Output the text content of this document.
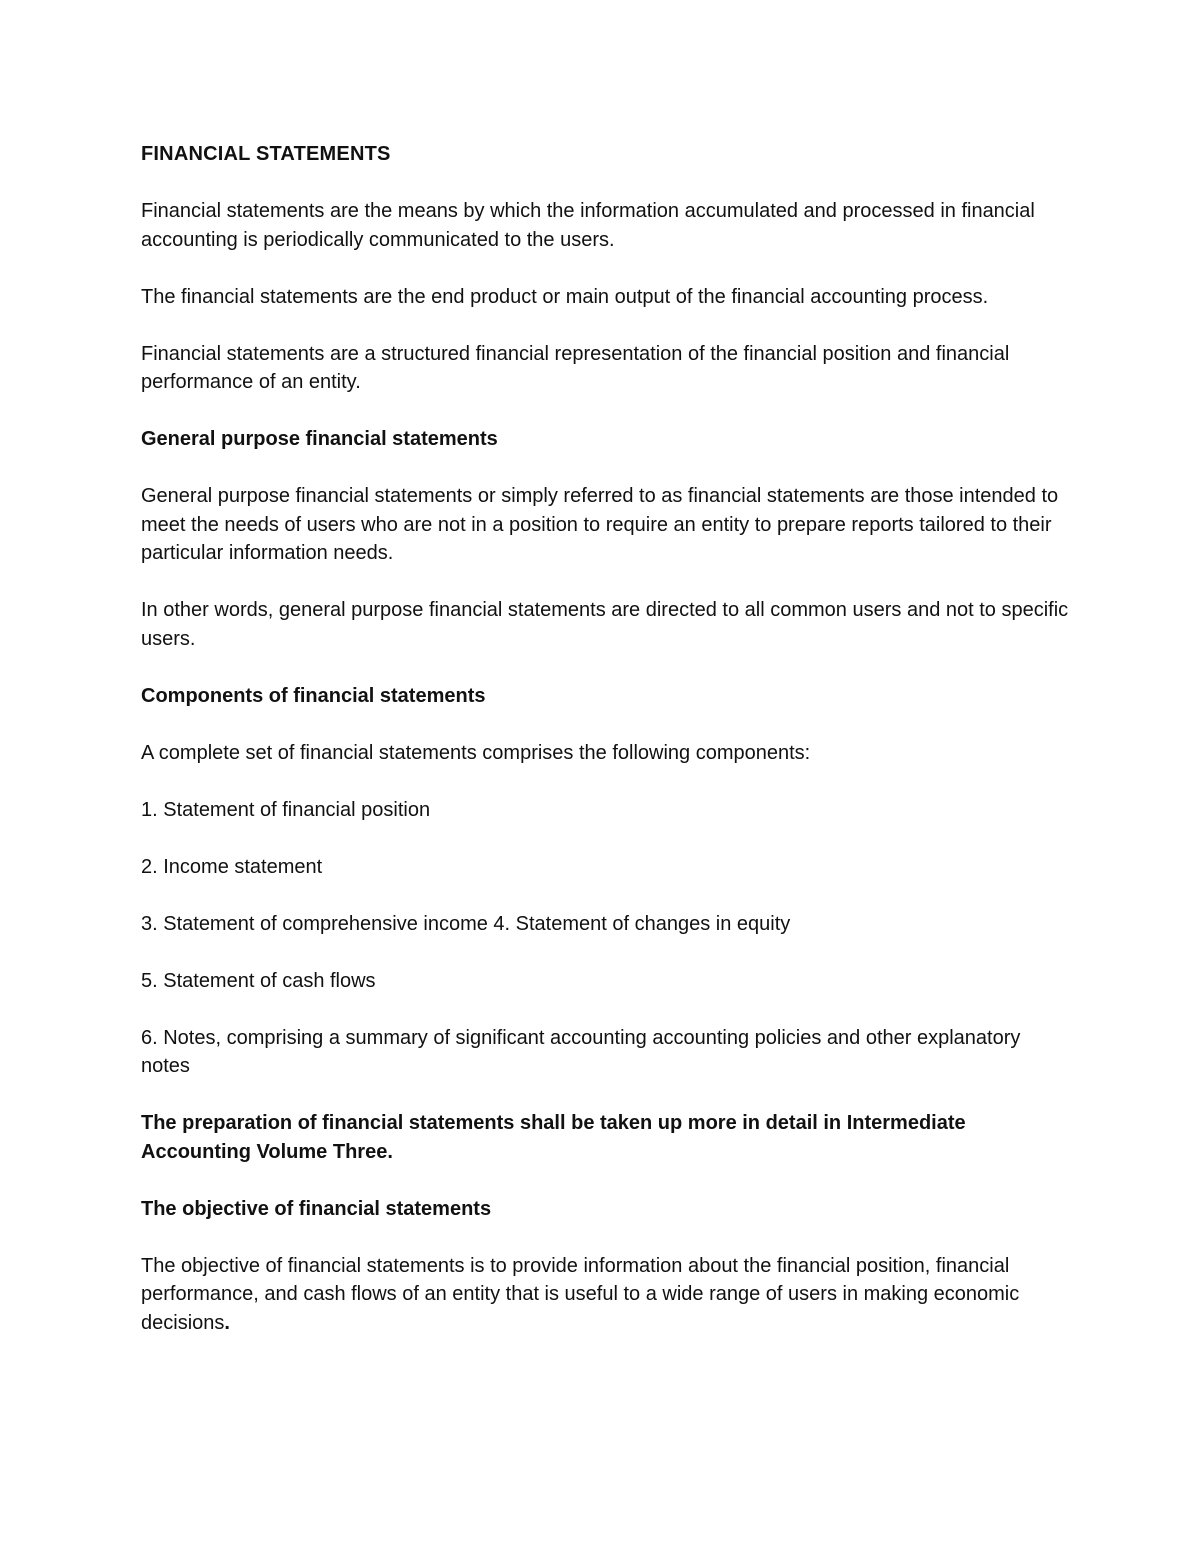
FINANCIAL STATEMENTS

Financial statements are the means by which the information accumulated and processed in financial accounting is periodically communicated to the users.

The financial statements are the end product or main output of the financial accounting process.

Financial statements are a structured financial representation of the financial position and financial performance of an entity.

General purpose financial statements

General purpose financial statements or simply referred to as financial statements are those intended to meet the needs of users who are not in a position to require an entity to prepare reports tailored to their particular information needs.

In other words, general purpose financial statements are directed to all common users and not to specific users.

Components of financial statements

A complete set of financial statements comprises the following components:

1. Statement of financial position

2. Income statement

3. Statement of comprehensive income 4. Statement of changes in equity

5. Statement of cash flows

6. Notes, comprising a summary of significant accounting accounting policies and other explanatory notes

The preparation of financial statements shall be taken up more in detail in Intermediate Accounting Volume Three.

The objective of financial statements

The objective of financial statements is to provide information about the financial position, financial performance, and cash flows of an entity that is useful to a wide range of users in making economic decisions.
